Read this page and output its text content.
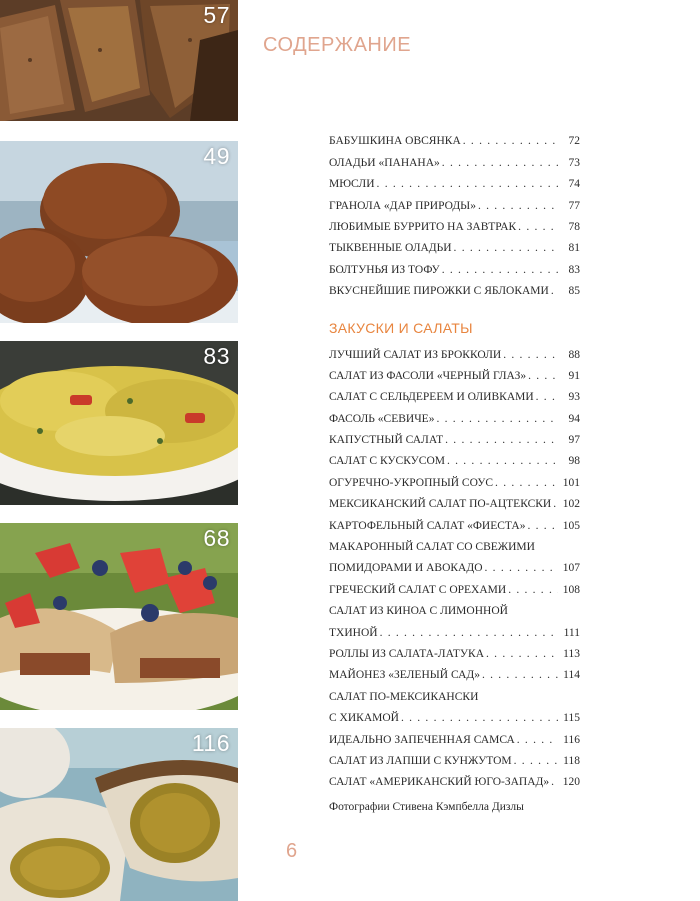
57
49
83
68
116
СОДЕРЖАНИЕ
БАБУШКИНА ОВСЯНКА . . .	72
ОЛАДЬИ «ПАНАНА» . . .	73
МЮСЛИ . . .	74
ГРАНОЛА «ДАР ПРИРОДЫ» . . .	77
ЛЮБИМЫЕ БУРРИТО НА ЗАВТРАК . . .	78
ТЫКВЕННЫЕ ОЛАДЬИ . . .	81
БОЛТУНЬЯ ИЗ ТОФУ . . .	83
ВКУСНЕЙШИЕ ПИРОЖКИ С ЯБЛОКАМИ . . .	85
ЗАКУСКИ И САЛАТЫ
ЛУЧШИЙ САЛАТ ИЗ БРОККОЛИ . . .	88
САЛАТ ИЗ ФАСОЛИ «ЧЕРНЫЙ ГЛАЗ» . . .	91
САЛАТ С СЕЛЬДЕРЕЕМ И ОЛИВКАМИ . . .	93
ФАСОЛЬ «СЕВИЧЕ» . . .	94
КАПУСТНЫЙ САЛАТ . . .	97
САЛАТ С КУСКУСОМ . . .	98
ОГУРЕЧНО-УКРОПНЫЙ СОУС . . .	101
МЕКСИКАНСКИЙ САЛАТ ПО-АЦТЕКСКИ . . . 102
КАРТОФЕЛЬНЫЙ САЛАТ «ФИЕСТА» . . .	105
МАКАРОННЫЙ САЛАТ СО СВЕЖИМИ
ПОМИДОРАМИ И АВОКАДО . . .	107
ГРЕЧЕСКИЙ САЛАТ С ОРЕХАМИ . . .	108
САЛАТ ИЗ КИНОА С ЛИМОННОЙ
ТХИНОЙ . . .	111
РОЛЛЫ ИЗ САЛАТА-ЛАТУКА . . .	113
МАЙОНЕЗ «ЗЕЛЕНЫЙ САД» . . .	114
САЛАТ ПО-МЕКСИКАНСКИ
С ХИКАМОЙ . . .	115
ИДЕАЛЬНО ЗАПЕЧЕННАЯ САМСА . . .	116
САЛАТ ИЗ ЛАПШИ С КУНЖУТОМ . . .	118
САЛАТ «АМЕРИКАНСКИЙ ЮГО-ЗАПАД» . . . 120
Фотографии Стивена Кэмпбелла Дизлы
6
